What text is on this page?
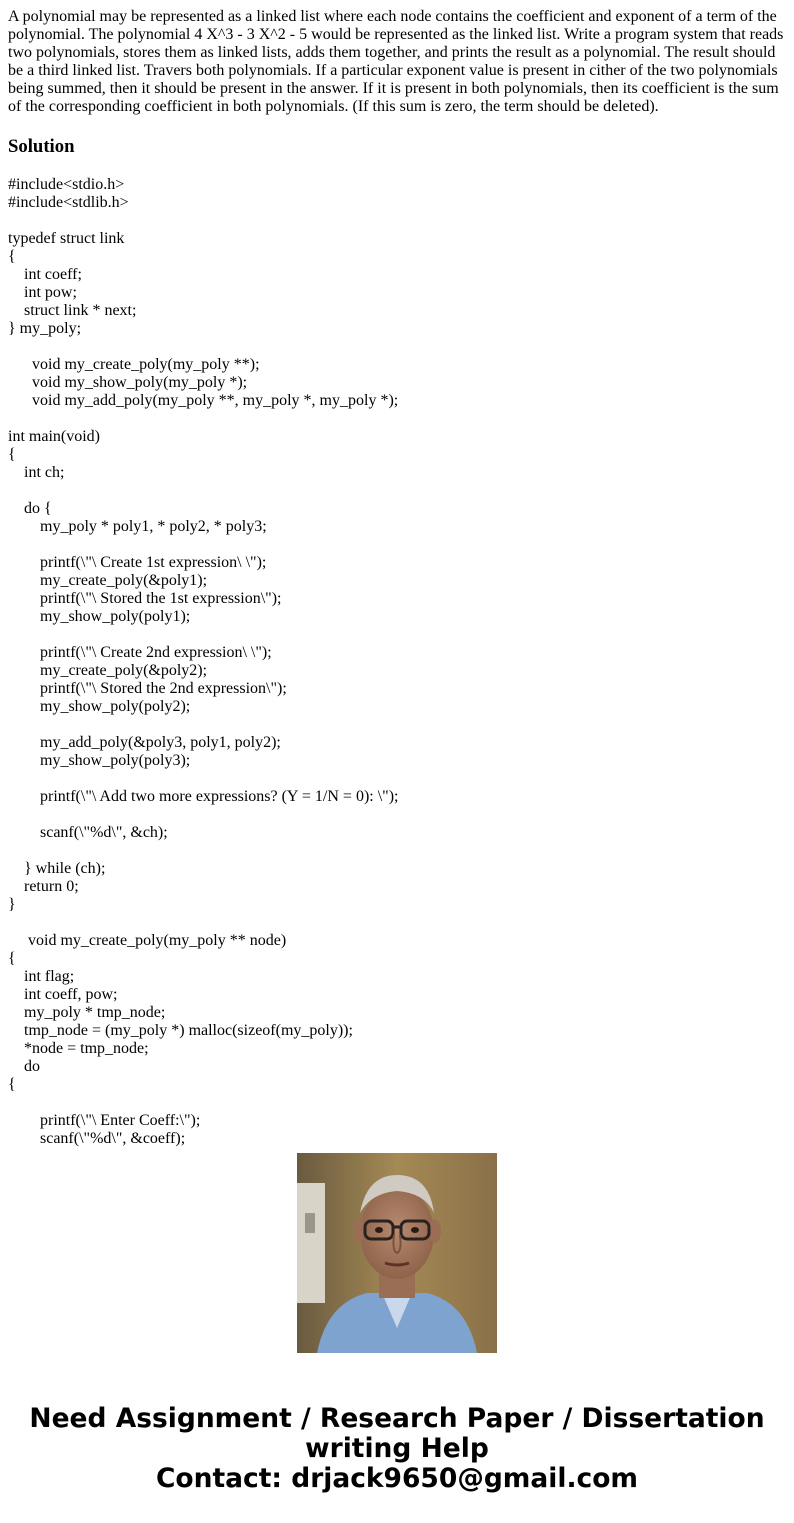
A polynomial may be represented as a linked list where each node contains the coefficient and exponent of a term of the polynomial. The polynomial 4 X^3 - 3 X^2 - 5 would be represented as the linked list. Write a program system that reads two polynomials, stores them as linked lists, adds them together, and prints the result as a polynomial. The result should be a third linked list. Travers both polynomials. If a particular exponent value is present in cither of the two polynomials being summed, then it should be present in the answer. If it is present in both polynomials, then its coefficient is the sum of the corresponding coefficient in both polynomials. (If this sum is zero, the term should be deleted).

Solution
#include<stdio.h>
#include<stdlib.h>
typedef struct link
{
int coeff;
int pow;
struct link * next;
} my_poly;
void my_create_poly(my_poly **);
void my_show_poly(my_poly *);
void my_add_poly(my_poly **, my_poly *, my_poly *);
int main(void)
{
int ch;
do {
my_poly * poly1, * poly2, * poly3;
printf(\"\ Create 1st expression\ \");
my_create_poly(&poly1);
printf(\"\ Stored the 1st expression\");
my_show_poly(poly1);
printf(\"\ Create 2nd expression\ \");
my_create_poly(&poly2);
printf(\"\ Stored the 2nd expression\");
my_show_poly(poly2);
my_add_poly(&poly3, poly1, poly2);
my_show_poly(poly3);
printf(\"\ Add two more expressions? (Y = 1/N = 0): \");
scanf(\"%d\", &ch);
} while (ch);
return 0;
}
void my_create_poly(my_poly ** node)
{
int flag;
int coeff, pow;
my_poly * tmp_node;
tmp_node = (my_poly *) malloc(sizeof(my_poly));
*node = tmp_node;
do
{
printf(\"\ Enter Coeff:\");
scanf(\"%d\", &coeff);
Need Assignment / Research Paper / Dissertation
writing Help
Contact: drjack9650@gmail.com
